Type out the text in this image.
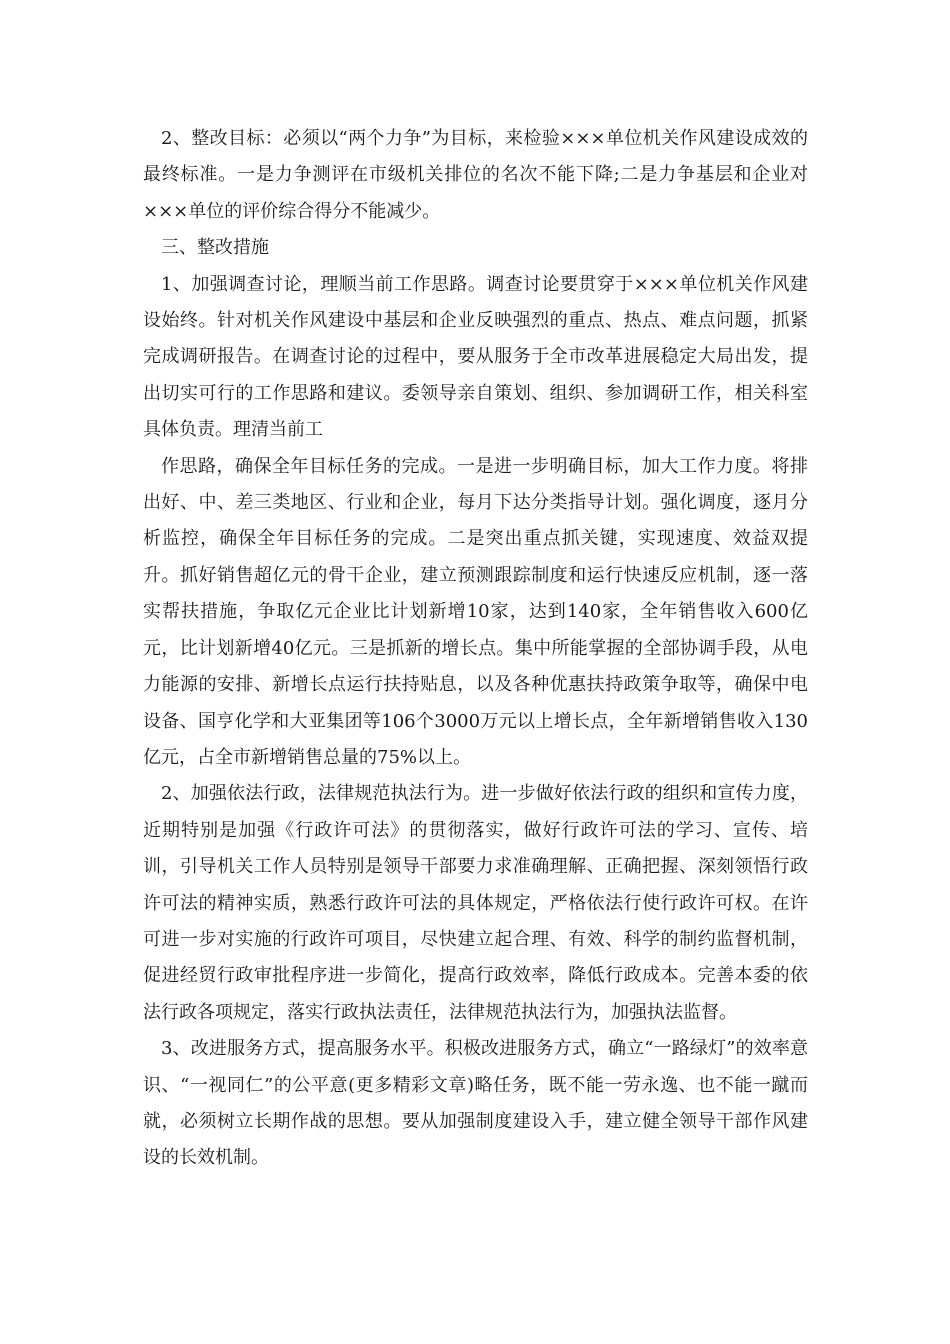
2、整改目标：必须以“两个力争”为目标，来检验×××单位机关作风建设成效的最终标准。一是力争测评在市级机关排位的名次不能下降;二是力争基层和企业对×××单位的评价综合得分不能减少。

三、整改措施

1、加强调查讨论，理顺当前工作思路。调查讨论要贯穿于×××单位机关作风建设始终。针对机关作风建设中基层和企业反映强烈的重点、热点、难点问题，抓紧完成调研报告。在调查讨论的过程中，要从服务于全市改革进展稳定大局出发，提出切实可行的工作思路和建议。委领导亲自策划、组织、参加调研工作，相关科室具体负责。理清当前工

作思路，确保全年目标任务的完成。一是进一步明确目标，加大工作力度。将排出好、中、差三类地区、行业和企业，每月下达分类指导计划。强化调度，逐月分析监控，确保全年目标任务的完成。二是突出重点抓关键，实现速度、效益双提升。抓好销售超亿元的骨干企业，建立预测跟踪制度和运行快速反应机制，逐一落实帮扶措施，争取亿元企业比计划新增10家，达到140家，全年销售收入600亿元，比计划新增40亿元。三是抓新的增长点。集中所能掌握的全部协调手段，从电力能源的安排、新增长点运行扶持贴息，以及各种优惠扶持政策争取等，确保中电设备、国亨化学和大亚集团等106个3000万元以上增长点，全年新增销售收入130亿元，占全市新增销售总量的75%以上。

2、加强依法行政，法律规范执法行为。进一步做好依法行政的组织和宣传力度，近期特别是加强《行政许可法》的贯彻落实，做好行政许可法的学习、宣传、培训，引导机关工作人员特别是领导干部要力求准确理解、正确把握、深刻领悟行政许可法的精神实质，熟悉行政许可法的具体规定，严格依法行使行政许可权。在许可进一步对实施的行政许可项目，尽快建立起合理、有效、科学的制约监督机制，促进经贸行政审批程序进一步简化，提高行政效率，降低行政成本。完善本委的依法行政各项规定，落实行政执法责任，法律规范执法行为，加强执法监督。

3、改进服务方式，提高服务水平。积极改进服务方式，确立“一路绿灯”的效率意识、“一视同仁”的公平意(更多精彩文章)略任务，既不能一劳永逸、也不能一蹴而就，必须树立长期作战的思想。要从加强制度建设入手，建立健全领导干部作风建设的长效机制。
